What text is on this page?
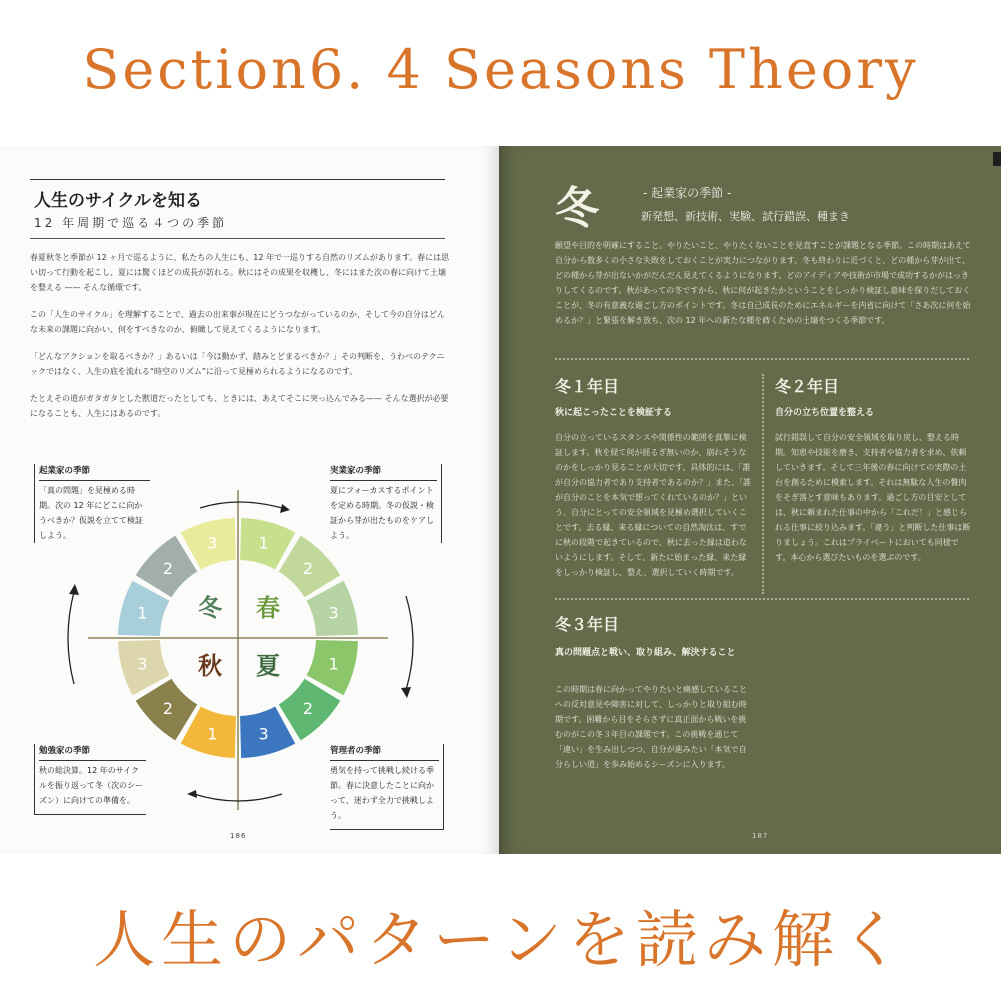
Section6. 4 Seasons Theory
人生のサイクルを知る
12 年周期で巡る４つの季節

春夏秋冬と季節が 12 ヶ月で巡るように、私たちの人生にも、12 年で一巡りする自然のリズムがあります。春には思い切って行動を起こし、夏には驚くほどの成長が訪れる。秋にはその成果を収穫し、冬にはまた次の春に向けて土壌を整える —— そんな循環です。

この「人生のサイクル」を理解することで、過去の出来事が現在にどうつながっているのか、そして今の自分はどんな未来の課題に向かい、何をすべきなのか、俯瞰して見えてくるようになります。

「どんなアクションを取るべきか？」あるいは「今は動かず、踏みとどまるべきか？」その判断を、うわべのテクニックではなく、人生の底を流れる“時空のリズム”に沿って見極められるようになるのです。

たとえその道がガタガタとした獣道だったとしても、ときには、あえてそこに突っ込んでみる—— そんな選択が必要になることも、人生にはあるのです。

1
2
3
1
2
3
1
2
3
1
2
3
冬 春
秋 夏
起業家の季節
「真の問題」を見極める時期。次の 12 年にどこに向かうべきか？仮説を立てて検証しよう。
実業家の季節
夏にフォーカスするポイントを定める時期。冬の仮説・検証から芽が出たものをケアしよう。
勉強家の季節
秋の総決算。12 年のサイクルを振り返って冬（次のシーズン）に向けての準備を。
管理者の季節
勇気を持って挑戦し続ける季節。春に決意したことに向かって、迷わず全力で挑戦しよう。
186
冬	- 起業家の季節 -
新発想、新技術、実験、試行錯誤、種まき
願望や目的を明確にすること。やりたいこと、やりたくないことを見直すことが課題となる季節。この時期はあえて自分から数多くの小さな失敗をしておくことが実力につながります。冬も終わりに近づくと、どの種から芽が出て、どの種から芽が出ないかがだんだん見えてくるようになります。どのアイディアや技術が市場で成功するかがはっきりしてくるのです。秋があっての冬ですから、秋に何が起きたかということをしっかり検証し意味を探りだしておくことが、冬の有意義な過ごし方のポイントです。冬は自己成長のためにエネルギーを内省に向けて「さあ次に何を始めるか？」と緊張を解き放ち、次の 12 年への新たな種を蒔くための土壌をつくる季節です。
冬１年目
秋に起こったことを検証する
自分の立っているスタンスや関係性の範囲を真摯に検証します。秋を経て何が揺るぎ無いのか、崩れそうなのかをしっかり見ることが大切です。具体的には、「誰が自分の協力者であり支持者であるのか？」また、「誰が自分のことを本気で想ってくれているのか？」という、自分にとっての安全領域を見極め選択していくことです。去る縁、来る縁についての自然淘汰は、すでに秋の段階で起きているので、秋に去った縁は追わないようにします。そして、新たに始まった縁、来た縁をしっかり検証し、整え、選択していく時期です。
冬２年目
自分の立ち位置を整える
試行錯誤して自分の安全領域を取り戻し、整える時期。知恵や技能を磨き、支持者や協力者を求め、依頼していきます。そして三年後の春に向けての実際の土台を創るために模索します。それは無駄な人生の贅肉をそぎ落とす意味もあります。過ごし方の目安としては、秋に頼まれた仕事の中から「これだ！」と感じられる仕事に絞り込みます。「違う」と判断した仕事は断りましょう。これはプライベートにおいても同様です。本心から選びたいものを選ぶのです。
冬３年目
真の問題点と戦い、取り組み、解決すること
この時期は春に向かってやりたいと痛感していることへの反対意見や障害に対して、しっかりと取り組む時期です。困難から目をそらさずに真正面から戦いを挑むのがこの冬３年目の課題です。この挑戦を通じて「違い」を生み出しつつ、自分が進みたい「本気で自分らしい道」を歩み始めるシーズンに入ります。
187
人生のパターンを読み解く
